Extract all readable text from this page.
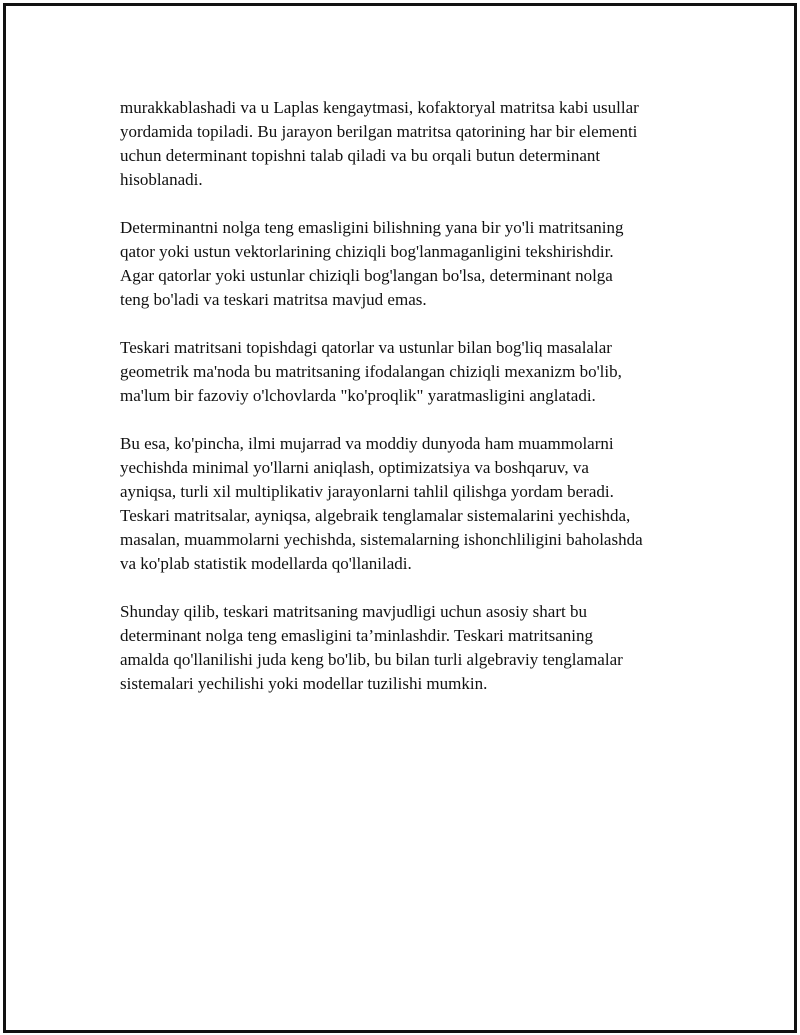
murakkablashadi va u Laplas kengaytmasi, kofaktoryal matritsa kabi usullar
yordamida topiladi. Bu jarayon berilgan matritsa qatorining har bir elementi
uchun determinant topishni talab qiladi va bu orqali butun determinant
hisoblanadi.

Determinantni nolga teng emasligini bilishning yana bir yo'li matritsaning
qator yoki ustun vektorlarining chiziqli bog'lanmaganligini tekshirishdir.
Agar qatorlar yoki ustunlar chiziqli bog'langan bo'lsa, determinant nolga
teng bo'ladi va teskari matritsa mavjud emas.

Teskari matritsani topishdagi qatorlar va ustunlar bilan bog'liq masalalar
geometrik ma'noda bu matritsaning ifodalangan chiziqli mexanizm bo'lib,
ma'lum bir fazoviy o'lchovlarda "ko'proqlik" yaratmasligini anglatadi.

Bu esa, ko'pincha, ilmi mujarrad va moddiy dunyoda ham muammolarni
yechishda minimal yo'llarni aniqlash, optimizatsiya va boshqaruv, va
ayniqsa, turli xil multiplikativ jarayonlarni tahlil qilishga yordam beradi.
Teskari matritsalar, ayniqsa, algebraik tenglamalar sistemalarini yechishda,
masalan, muammolarni yechishda, sistemalarning ishonchliligini baholashda
va ko'plab statistik modellarda qo'llaniladi.

Shunday qilib, teskari matritsaning mavjudligi uchun asosiy shart bu
determinant nolga teng emasligini ta’minlashdir. Teskari matritsaning
amalda qo'llanilishi juda keng bo'lib, bu bilan turli algebraviy tenglamalar
sistemalari yechilishi yoki modellar tuzilishi mumkin.
